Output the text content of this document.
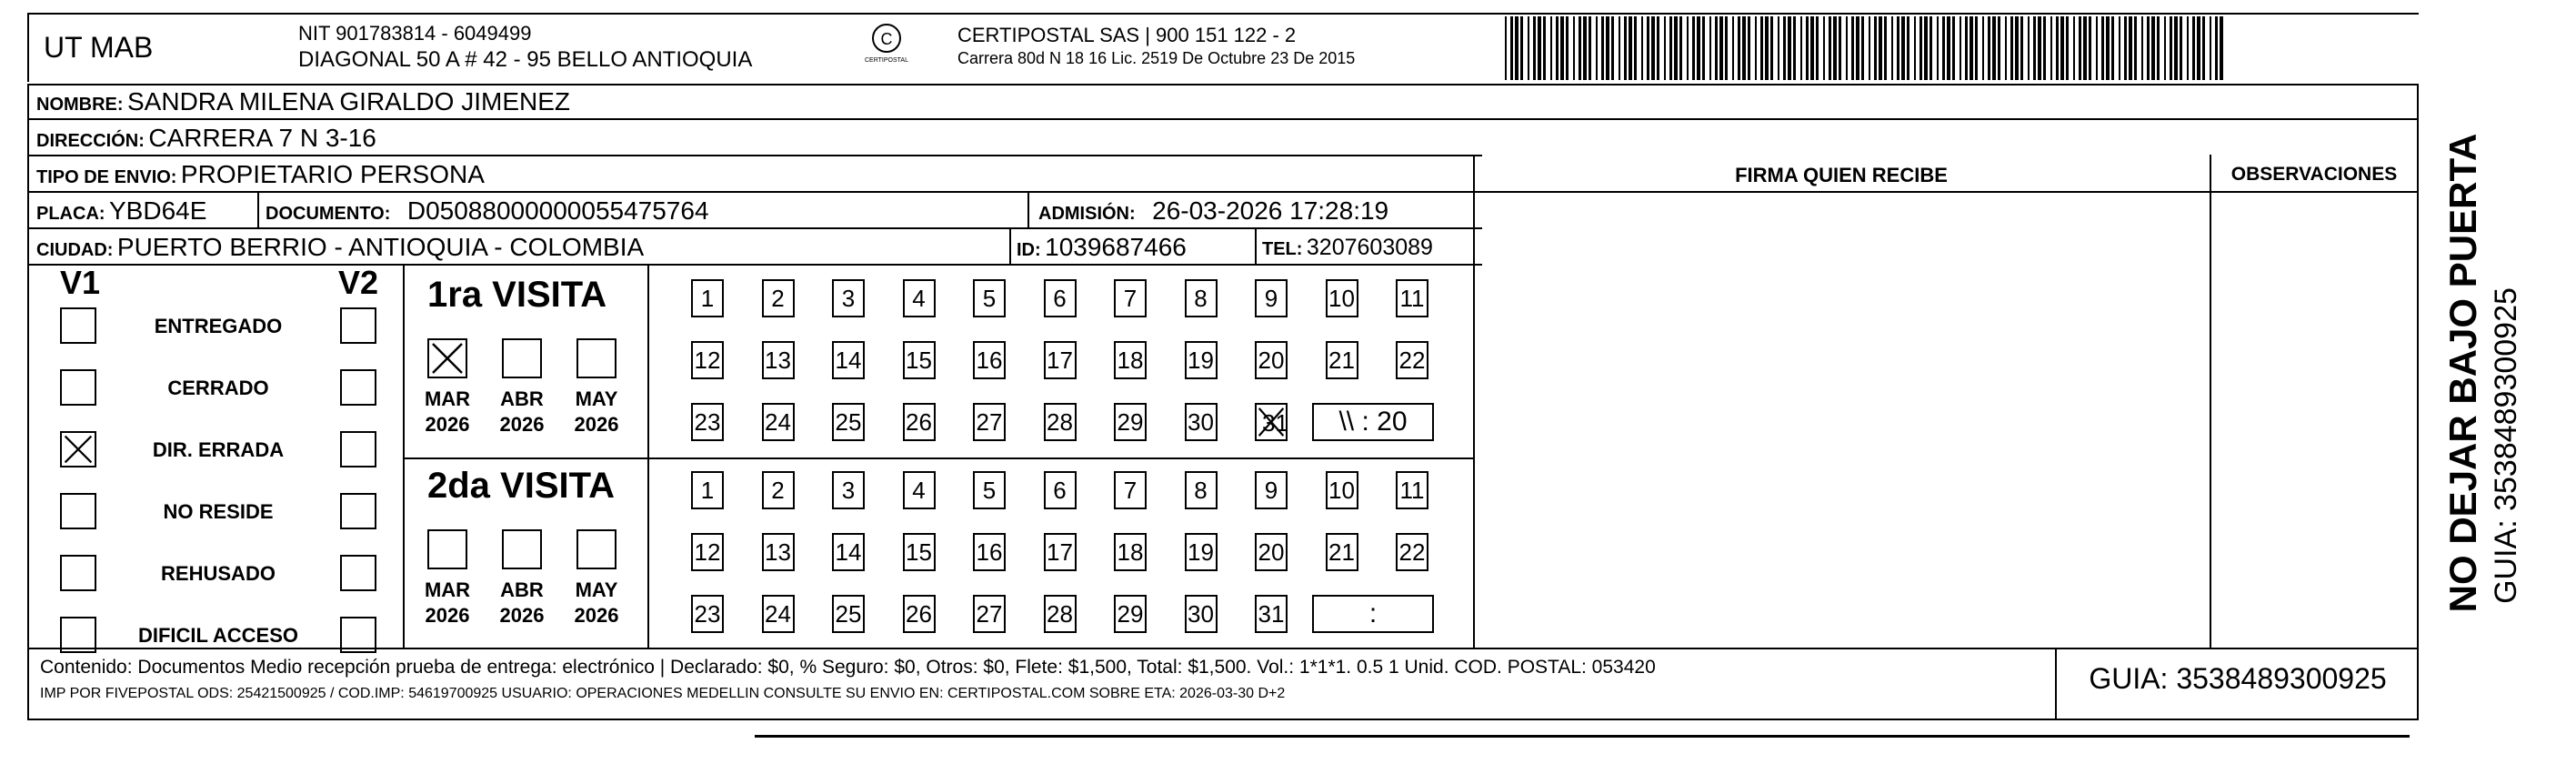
UT MAB	NIT 901783814 - 6049499
DIAGONAL 50 A # 42 - 95 BELLO ANTIOQUIA
C
CERTIPOSTAL
CERTIPOSTAL SAS | 900 151 122 - 2
Carrera 80d N 18 16 Lic. 2519 De Octubre 23 De 2015
NOMBRE: SANDRA MILENA GIRALDO JIMENEZ
DIRECCIÓN: CARRERA 7 N 3-16
TIPO DE ENVIO: PROPIETARIO PERSONA	FIRMA QUIEN RECIBE	OBSERVACIONES
PLACA: YBD64E	DOCUMENTO: D05088000000055475764	ADMISIÓN: 26-03-2026 17:28:19
CIUDAD: PUERTO BERRIO - ANTIOQUIA - COLOMBIA	ID: 1039687466	TEL: 3207603089
V1	V2
ENTREGADO
CERRADO
DIR. ERRADA
NO RESIDE
REHUSADO
DIFICIL ACCESO
1ra VISITA
2da VISITA
MAR
2026
ABR
2026
MAY
2026
MAR
2026
ABR
2026
MAY
2026
1	2	3	4	5	6	7	8	9	10 11
12 13 14 15 16 17 18 19 20 21 22
23 24 25 26 27 28 29 30 31	\\ : 20
1	2	3	4	5	6	7	8	9	10 11
12 13 14 15 16 17 18 19 20 21 22
23 24 25 26 27 28 29 30 31	:
Contenido: Documentos Medio recepción prueba de entrega: electrónico | Declarado: $0, % Seguro: $0, Otros: $0, Flete: $1,500, Total: $1,500. Vol.: 1*1*1. 0.5 1 Unid. COD. POSTAL: 053420
IMP POR FIVEPOSTAL ODS: 25421500925 / COD.IMP: 54619700925 USUARIO: OPERACIONES MEDELLIN CONSULTE SU ENVIO EN: CERTIPOSTAL.COM SOBRE ETA: 2026-03-30 D+2	GUIA: 3538489300925
NO DEJAR BAJO PUERTA GUIA: 3538489300925
